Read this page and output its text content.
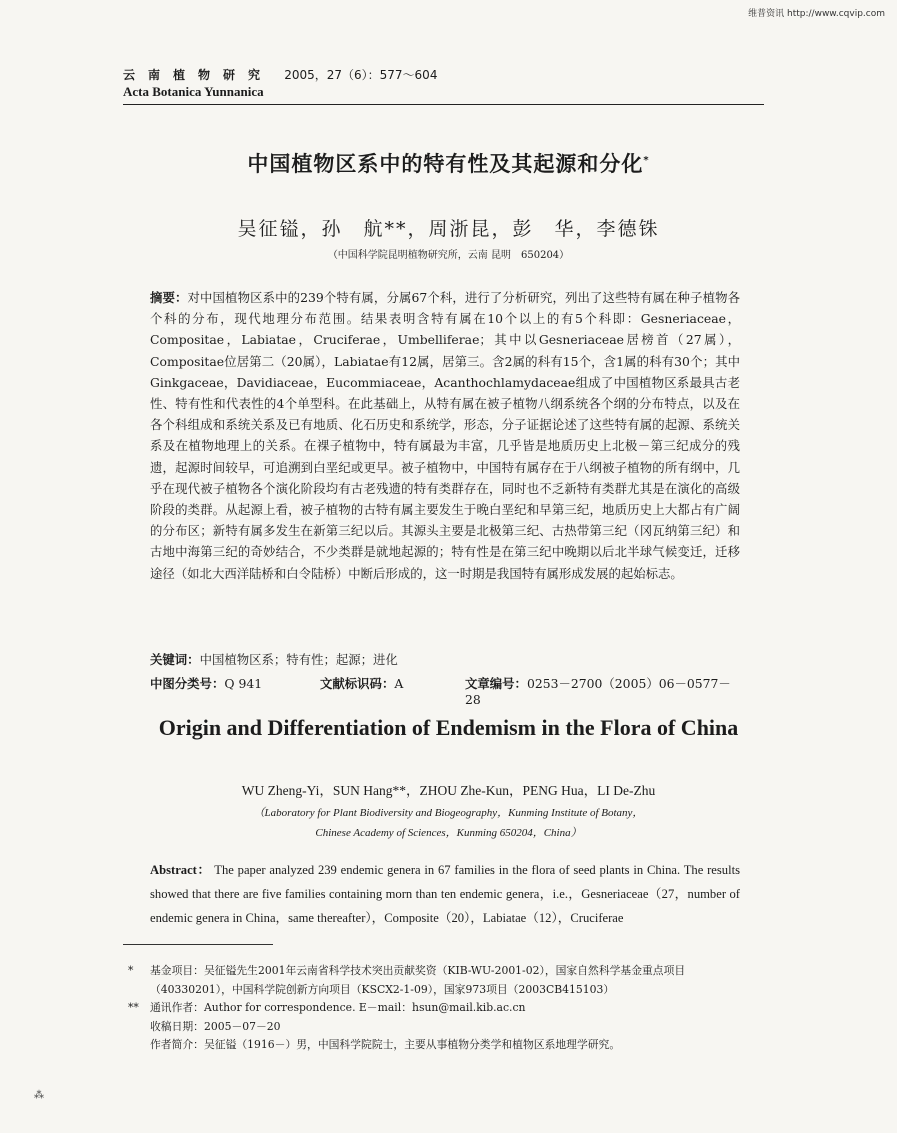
维普资讯 http://www.cqvip.com
云南植物研究 2005，27（6）：577～604
Acta Botanica Yunnanica
中国植物区系中的特有性及其起源和分化*
吴征镒，孙　航**，周浙昆，彭　华，李德铢
（中国科学院昆明植物研究所，云南 昆明　650204）
摘要：对中国植物区系中的239个特有属，分属67个科，进行了分析研究，列出了这些特有属在种子植物各个科的分布，现代地理分布范围。结果表明含特有属在10个以上的有5个科即：Gesneriaceae，Compositae，Labiatae，Cruciferae，Umbelliferae；其中以Gesneriaceae居榜首（27属），Compositae位居第二（20属），Labiatae有12属，居第三。含2属的科有15个，含1属的科有30个；其中Ginkgaceae，Davidiaceae，Eucommiaceae，Acanthochlamydaceae组成了中国植物区系最具古老性、特有性和代表性的4个单型科。在此基础上，从特有属在被子植物八纲系统各个纲的分布特点，以及在各个科组成和系统关系及已有地质、化石历史和系统学，形态，分子证据论述了这些特有属的起源、系统关系及在植物地理上的关系。在裸子植物中，特有属最为丰富，几乎皆是地质历史上北极－第三纪成分的残遗，起源时间较早，可追溯到白垩纪或更早。被子植物中，中国特有属存在于八纲被子植物的所有纲中，几乎在现代被子植物各个演化阶段均有古老残遗的特有类群存在，同时也不乏新特有类群尤其是在演化的高级阶段的类群。从起源上看，被子植物的古特有属主要发生于晚白垩纪和早第三纪，地质历史上大都占有广阔的分布区；新特有属多发生在新第三纪以后。其源头主要是北极第三纪、古热带第三纪（冈瓦纳第三纪）和古地中海第三纪的奇妙结合，不少类群是就地起源的；特有性是在第三纪中晚期以后北半球气候变迁，迁移途径（如北大西洋陆桥和白令陆桥）中断后形成的，这一时期是我国特有属形成发展的起始标志。
关键词：中国植物区系；特有性；起源；进化
中图分类号：Q 941	文献标识码：A	文章编号：0253－2700（2005）06－0577－28
Origin and Differentiation of Endemism in the Flora of China
WU Zheng-Yi，SUN Hang**，ZHOU Zhe-Kun，PENG Hua，LI De-Zhu
（Laboratory for Plant Biodiversity and Biogeography，Kunming Institute of Botany，
Chinese Academy of Sciences，Kunming 650204，China）
Abstract： The paper analyzed 239 endemic genera in 67 families in the flora of seed plants in China. The results showed that there are five families containing morn than ten endemic genera，i.e.，Gesneriaceae（27，number of endemic genera in China，same thereafter），Composite（20），Labiatae（12），Cruciferae
* 基金项目：吴征镒先生2001年云南省科学技术突出贡献奖资（KIB-WU-2001-02），国家自然科学基金重点项目
（40330201），中国科学院创新方向项目（KSCX2-1-09），国家973项目（2003CB415103）
** 通讯作者：Author for correspondence. E－mail：hsun@mail.kib.ac.cn
收稿日期：2005－07－20
作者简介：吴征镒（1916－）男，中国科学院院士，主要从事植物分类学和植物区系地理学研究。
⁂
